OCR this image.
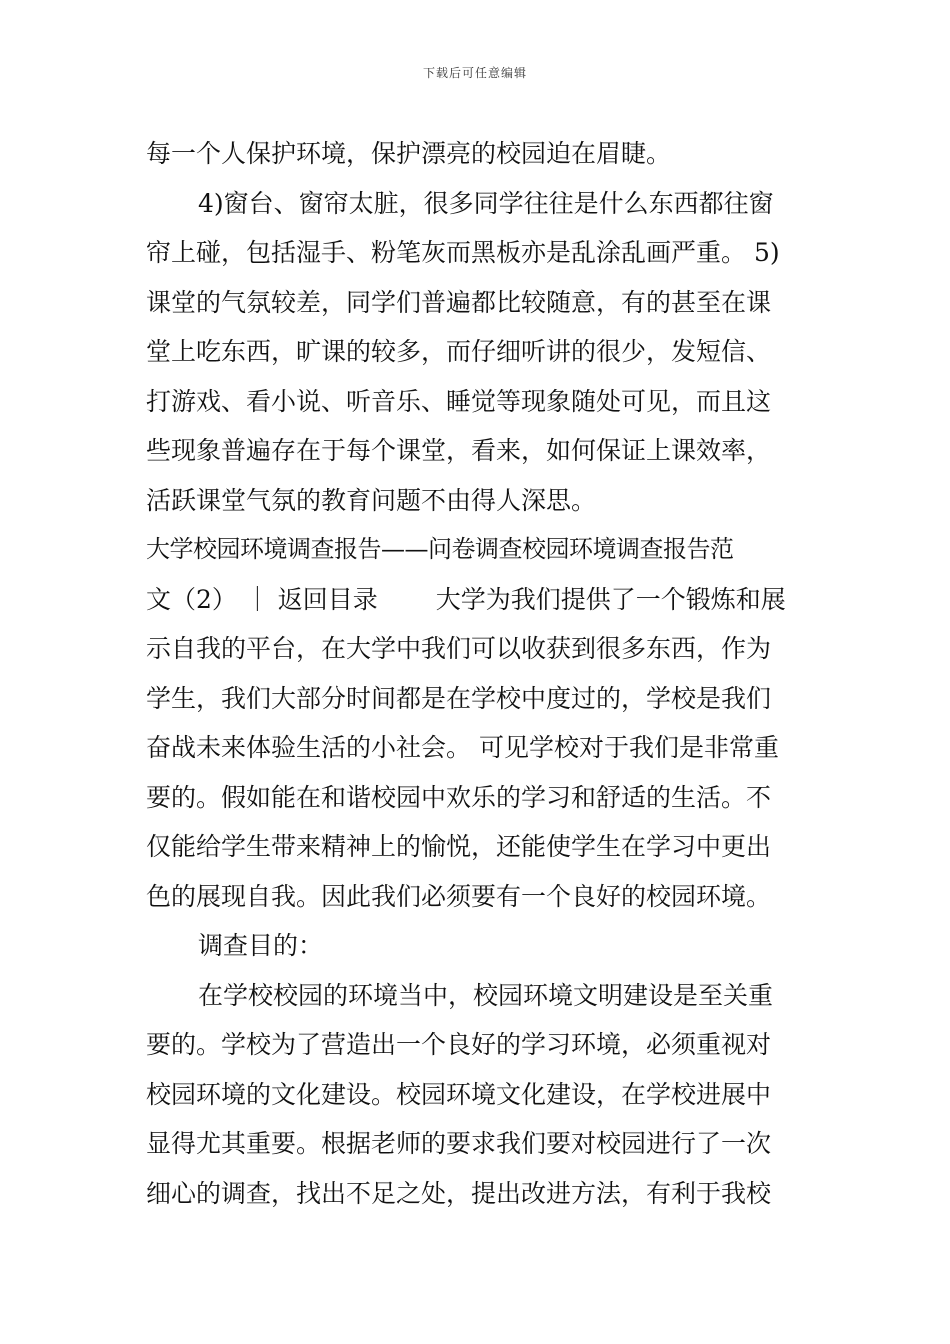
下载后可任意编辑
每一个人保护环境，保护漂亮的校园迫在眉睫。
4)窗台、窗帘太脏，很多同学往往是什么东西都往窗
帘上碰，包括湿手、粉笔灰而黑板亦是乱涂乱画严重。 5)
课堂的气氛较差，同学们普遍都比较随意，有的甚至在课
堂上吃东西，旷课的较多，而仔细听讲的很少，发短信、
打游戏、看小说、听音乐、睡觉等现象随处可见，而且这
些现象普遍存在于每个课堂，看来，如何保证上课效率，
活跃课堂气氛的教育问题不由得人深思。
大学校园环境调查报告——问卷调查校园环境调查报告范
文（2） ｜ 返回目录　　 大学为我们提供了一个锻炼和展
示自我的平台，在大学中我们可以收获到很多东西，作为
学生，我们大部分时间都是在学校中度过的，学校是我们
奋战未来体验生活的小社会。 可见学校对于我们是非常重
要的。假如能在和谐校园中欢乐的学习和舒适的生活。不
仅能给学生带来精神上的愉悦，还能使学生在学习中更出
色的展现自我。因此我们必须要有一个良好的校园环境。
调查目的：
在学校校园的环境当中，校园环境文明建设是至关重
要的。学校为了营造出一个良好的学习环境，必须重视对
校园环境的文化建设。校园环境文化建设，在学校进展中
显得尤其重要。根据老师的要求我们要对校园进行了一次
细心的调查，找出不足之处，提出改进方法，有利于我校
